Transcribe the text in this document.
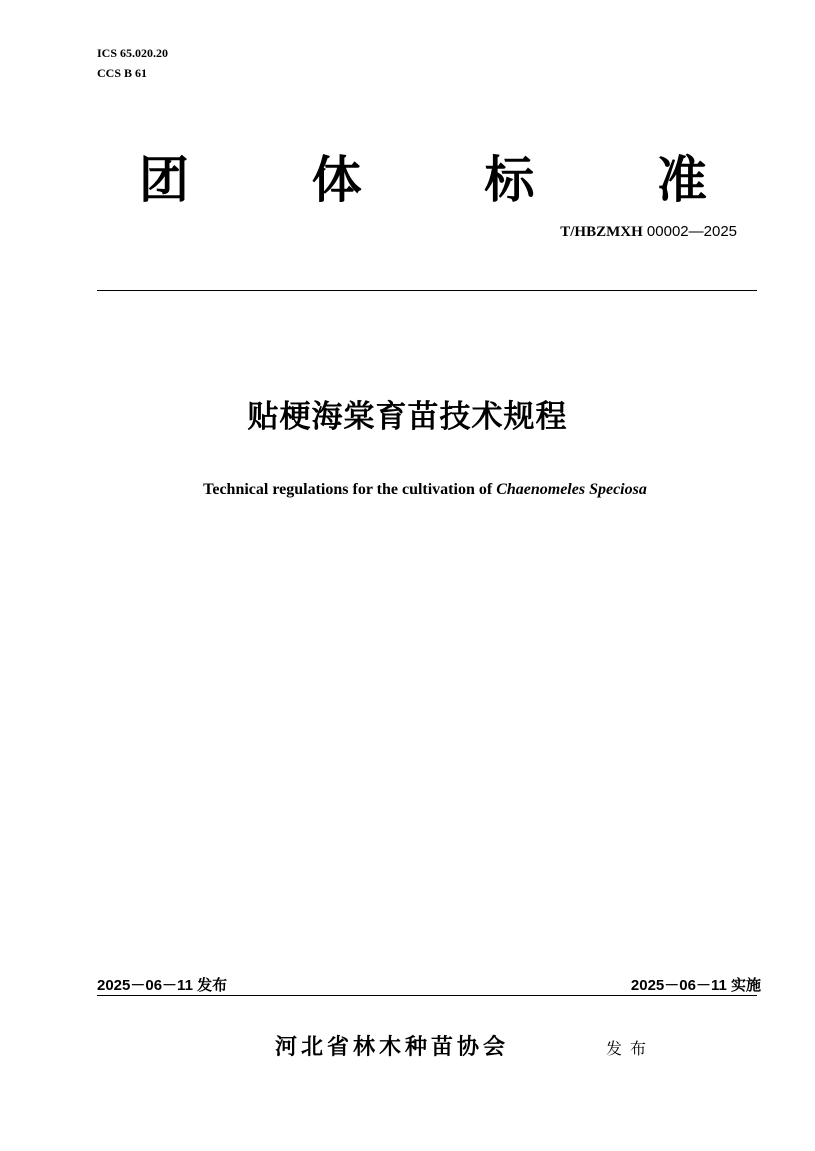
ICS 65.020.20
CCS B 61
团 体 标 准
T/HBZMXH 00002—2025
贴梗海棠育苗技术规程
Technical regulations for the cultivation of Chaenomeles Speciosa
2025－06－11 发布	2025－06－11 实施
河北省林木种苗协会	发布
